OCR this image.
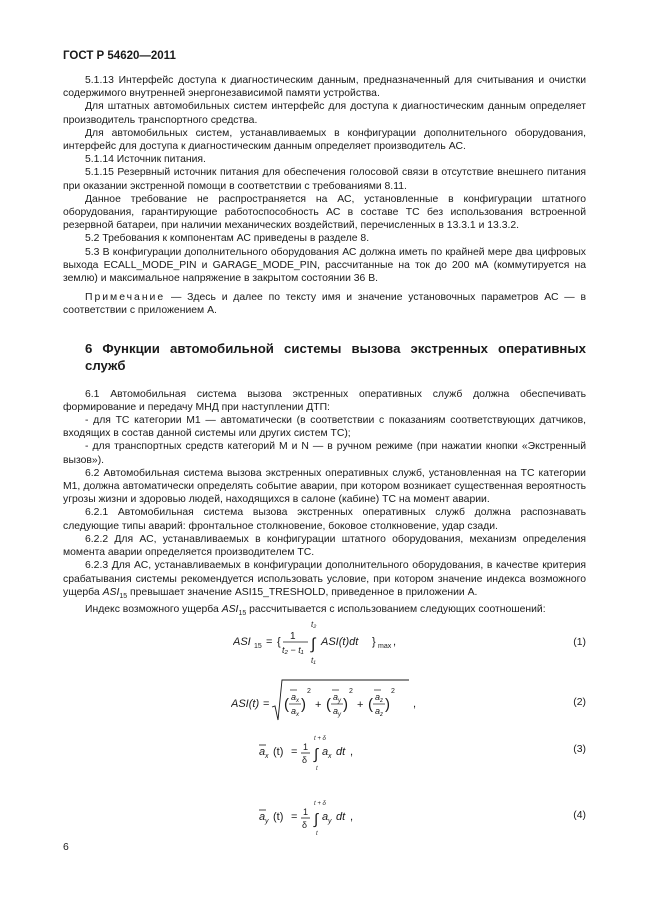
ГОСТ Р 54620—2011

5.1.13 Интерфейс доступа к диагностическим данным, предназначенный для считывания и очистки содержимого внутренней энергонезависимой памяти устройства.

Для штатных автомобильных систем интерфейс для доступа к диагностическим данным определяет производитель транспортного средства.

Для автомобильных систем, устанавливаемых в конфигурации дополнительного оборудования, интерфейс для доступа к диагностическим данным определяет производитель АС.

5.1.14 Источник питания.

5.1.15 Резервный источник питания для обеспечения голосовой связи в отсутствие внешнего питания при оказании экстренной помощи в соответствии с требованиями 8.11.

Данное требование не распространяется на АС, установленные в конфигурации штатного оборудования, гарантирующие работоспособность АС в составе ТС без использования встроенной резервной батареи, при наличии механических воздействий, перечисленных в 13.3.1 и 13.3.2.

5.2 Требования к компонентам АС приведены в разделе 8.

5.3 В конфигурации дополнительного оборудования АС должна иметь по крайней мере два цифровых выхода ECALL_MODE_PIN и GARAGE_MODE_PIN, рассчитанные на ток до 200 мА (коммутируется на землю) и максимальное напряжение в закрытом состоянии 36 В.

Примечание — Здесь и далее по тексту имя и значение установочных параметров АС — в соответствии с приложением А.

6 Функции автомобильной системы вызова экстренных оперативных служб

6.1 Автомобильная система вызова экстренных оперативных служб должна обеспечивать формирование и передачу МНД при наступлении ДТП:

- для ТС категории М1 — автоматически (в соответствии с показаниям соответствующих датчиков, входящих в состав данной системы или других систем ТС);

- для транспортных средств категорий М и N — в ручном режиме (при нажатии кнопки «Экстренный вызов»).

6.2 Автомобильная система вызова экстренных оперативных служб, установленная на ТС категории М1, должна автоматически определять событие аварии, при котором возникает существенная вероятность угрозы жизни и здоровью людей, находящихся в салоне (кабине) ТС на момент аварии.

6.2.1 Автомобильная система вызова экстренных оперативных служб должна распознавать следующие типы аварий: фронтальное столкновение, боковое столкновение, удар сзади.

6.2.2 Для АС, устанавливаемых в конфигурации штатного оборудования, механизм определения момента аварии определяется производителем ТС.

6.2.3 Для АС, устанавливаемых в конфигурации дополнительного оборудования, в качестве критерия срабатывания системы рекомендуется использовать условие, при котором значение индекса возможного ущерба $ASI_{15}$ превышает значение ASI15_TRESHOLD, приведенное в приложении А.

Индекс возможного ущерба $ASI_{15}$ рассчитывается с использованием следующих соотношений:

ASI 15 = { 1
t₂ − t₁
t₂
∫
t₁
ASI(t)dt } max ,	(1)
ASI(t) = ( a x
a x
)
2
+ ( a y
a y
)
2
+ ( a z
a z
)
2
,	(2)
a x (t) = 1
δ
t + δ
∫
t
a x dt ,	(3)
a y (t) = 1
δ
t + δ
∫
t
a y dt ,	(4)
6
